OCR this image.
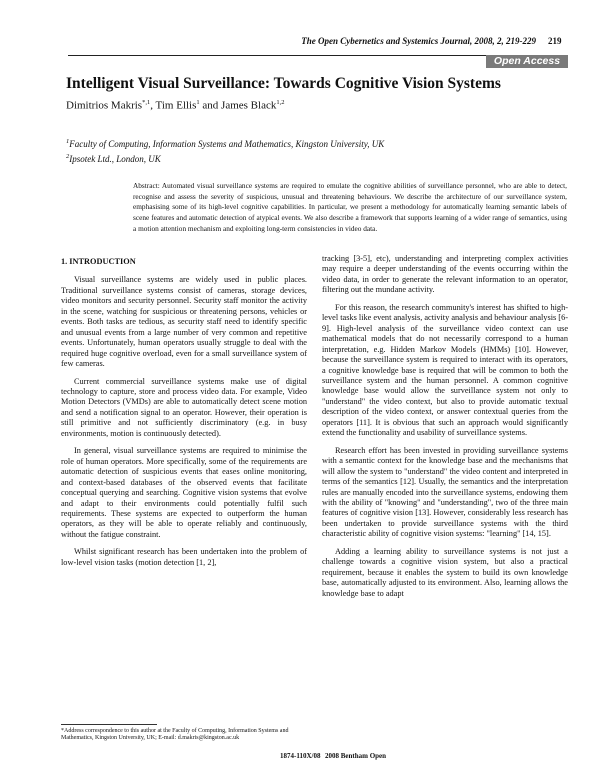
The Open Cybernetics and Systemics Journal, 2008, 2, 219-229 219
Open Access
Intelligent Visual Surveillance: Towards Cognitive Vision Systems
Dimitrios Makris$^{*,1}$, Tim Ellis$^1$ and James Black$^{1,2}$
$^1$Faculty of Computing, Information Systems and Mathematics, Kingston University, UK
$^2$Ipsotek Ltd., London, UK
Abstract: Automated visual surveillance systems are required to emulate the cognitive abilities of surveillance personnel, who are able to detect, recognise and assess the severity of suspicious, unusual and threatening behaviours. We describe the architecture of our surveillance system, emphasising some of its high-level cognitive capabilities. In particular, we present a methodology for automatically learning semantic labels of scene features and automatic detection of atypical events. We also describe a framework that supports learning of a wider range of semantics, using a motion attention mechanism and exploiting long-term consistencies in video data.
1. INTRODUCTION

Visual surveillance systems are widely used in public places. Traditional surveillance systems consist of cameras, storage devices, video monitors and security personnel. Security staff monitor the activity in the scene, watching for suspicious or threatening persons, vehicles or events. Both tasks are tedious, as security staff need to identify specific and unusual events from a large number of very common and repetitive events. Unfortunately, human operators usually struggle to deal with the required huge cognitive overload, even for a small surveillance system of few cameras.

Current commercial surveillance systems make use of digital technology to capture, store and process video data. For example, Video Motion Detectors (VMDs) are able to automatically detect scene motion and send a notification signal to an operator. However, their operation is still primitive and not sufficiently discriminatory (e.g. in busy environments, motion is continuously detected).

In general, visual surveillance systems are required to minimise the role of human operators. More specifically, some of the requirements are automatic detection of suspicious events that eases online monitoring, and context-based databases of the observed events that facilitate conceptual querying and searching. Cognitive vision systems that evolve and adapt to their environments could potentially fulfil such requirements. These systems are expected to outperform the human operators, as they will be able to operate reliably and continuously, without the fatigue constraint.

Whilst significant research has been undertaken into the problem of low-level vision tasks (motion detection [1, 2],

tracking [3-5], etc), understanding and interpreting complex activities may require a deeper understanding of the events occurring within the video data, in order to generate the relevant information to an operator, filtering out the mundane activity.

For this reason, the research community's interest has shifted to high-level tasks like event analysis, activity analysis and behaviour analysis [6-9]. High-level analysis of the surveillance video context can use mathematical models that do not necessarily correspond to a human interpretation, e.g. Hidden Markov Models (HMMs) [10]. However, because the surveillance system is required to interact with its operators, a cognitive knowledge base is required that will be common to both the surveillance system and the human personnel. A common cognitive knowledge base would allow the surveillance system not only to "understand" the video context, but also to provide automatic textual description of the video context, or answer contextual queries from the operators [11]. It is obvious that such an approach would significantly extend the functionality and usability of surveillance systems.

Research effort has been invested in providing surveillance systems with a semantic context for the knowledge base and the mechanisms that will allow the system to "understand" the video content and interpreted in terms of the semantics [12]. Usually, the semantics and the interpretation rules are manually encoded into the surveillance systems, endowing them with the ability of "knowing" and "understanding", two of the three main features of cognitive vision [13]. However, considerably less research has been undertaken to provide surveillance systems with the third characteristic ability of cognitive vision systems: "learning" [14, 15].

Adding a learning ability to surveillance systems is not just a challenge towards a cognitive vision system, but also a practical requirement, because it enables the system to build its own knowledge base, automatically adjusted to its environment. Also, learning allows the knowledge base to adapt

*Address correspondence to this author at the Faculty of Computing, Information Systems and Mathematics, Kingston University, UK; E-mail: d.makris@kingston.ac.uk
1874-110X/08 2008 Bentham Open
